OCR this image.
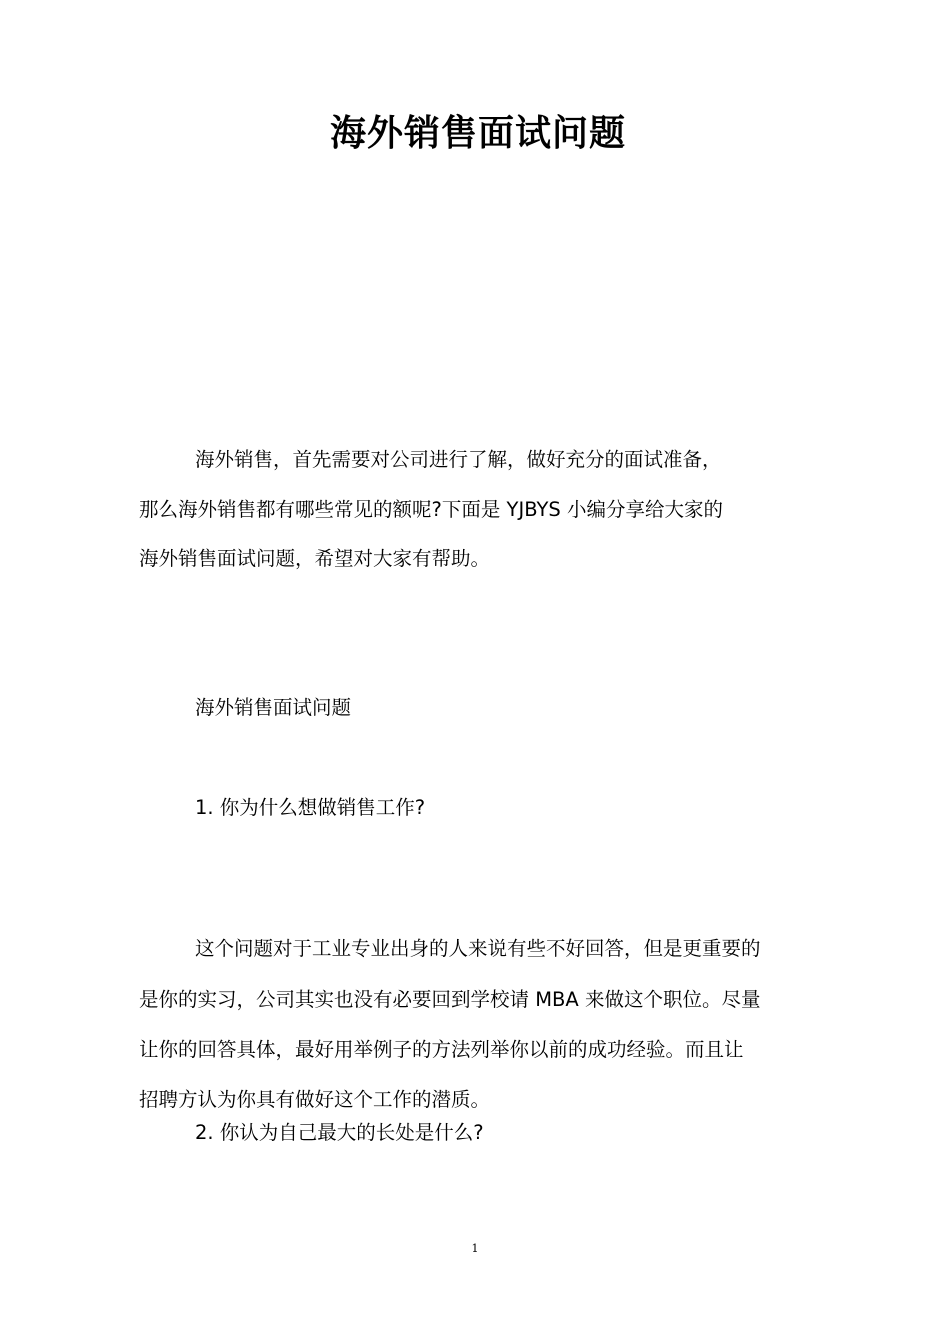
海外销售面试问题
海外销售，首先需要对公司进行了解，做好充分的面试准备，
那么海外销售都有哪些常见的额呢?下面是 YJBYS 小编分享给大家的
海外销售面试问题，希望对大家有帮助。
海外销售面试问题
1. 你为什么想做销售工作?
这个问题对于工业专业出身的人来说有些不好回答，但是更重要的
是你的实习，公司其实也没有必要回到学校请 MBA 来做这个职位。尽量
让你的回答具体，最好用举例子的方法列举你以前的成功经验。而且让
招聘方认为你具有做好这个工作的潜质。
2. 你认为自己最大的长处是什么?
1
